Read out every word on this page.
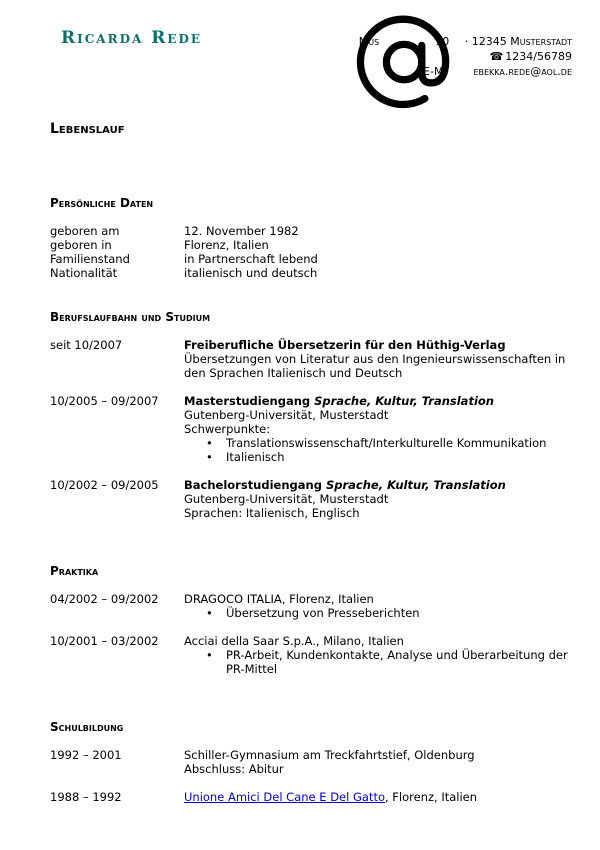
Ricarda Rede	Mus	10 · 12345 Musterstadt
☎ 1234/56789
E-M	ebekka.rede@aol.de
Lebenslauf
Persönliche Daten
geboren am	12. November 1982
geboren in	Florenz, Italien
Familienstand	in Partnerschaft lebend
Nationalität	italienisch und deutsch
Berufslaufbahn und Studium
seit 10/2007	Freiberufliche Übersetzerin für den Hüthig-Verlag
Übersetzungen von Literatur aus den Ingenieurswissenschaften in
den Sprachen Italienisch und Deutsch
10/2005 – 09/2007	Masterstudiengang Sprache, Kultur, Translation
Gutenberg-Universität, Musterstadt
Schwerpunkte:
• Translationswissenschaft/Interkulturelle Kommunikation
• Italienisch
10/2002 – 09/2005	Bachelorstudiengang Sprache, Kultur, Translation
Gutenberg-Universität, Musterstadt
Sprachen: Italienisch, Englisch
Praktika
04/2002 – 09/2002	DRAGOCO ITALIA, Florenz, Italien
• Übersetzung von Presseberichten
10/2001 – 03/2002	Acciai della Saar S.p.A., Milano, Italien
• PR-Arbeit, Kundenkontakte, Analyse und Überarbeitung der PR-Mittel
Schulbildung
1992 – 2001	Schiller-Gymnasium am Treckfahrtstief, Oldenburg
Abschluss: Abitur
1988 – 1992	Unione Amici Del Cane E Del Gatto, Florenz, Italien
